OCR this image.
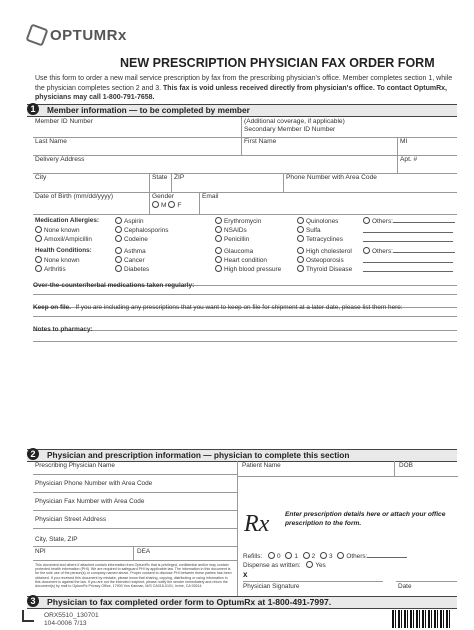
OPTUMRx
NEW PRESCRIPTION PHYSICIAN FAX ORDER FORM
Use this form to order a new mail service prescription by fax from the prescribing physician's office. Member completes section 1, while the physician completes section 2 and 3. This fax is void unless received directly from physician's office. To contact OptumRx, physicians may call 1-800-791-7658.
1	Member information — to be completed by member
Member ID Number	(Additional coverage, if applicable)
Secondary Member ID Number
Last Name	First Name	MI
Delivery Address	Apt. #
City	State ZIP	Phone Number with Area Code
Date of Birth (mm/dd/yyyy)	Gender
M F
Email
Medication Allergies:	Aspirin	Erythromycin	Quinolones	Others:
None known	Cephalosporins	NSAIDs	Sulfa
Amoxil/Ampicillin	Codeine	Penicillin	Tetracyclines
Health Conditions:	Asthma	Glaucoma	High cholesterol	Others:
None known	Cancer	Heart condition	Osteoporosis
Arthritis	Diabetes	High blood pressure	Thyroid Disease
Over-the-counter/herbal medications taken regularly:
Keep on file. If you are including any prescriptions that you want to keep on file for shipment at a later date, please list them here:
Notes to pharmacy:
2	Physician and prescription information — physician to complete this section
Prescribing Physician Name
Physician Phone Number with Area Code
Physician Fax Number with Area Code
Physician Street Address
City, State, ZIP
NPI	DEA
Patient Name	DOB
Rx Enter prescription details here or attach your office prescription to the form.
Refills: 0 1 2 3 Others:
Dispense as written: Yes
x
Physician Signature	Date
3	Physician to fax completed order form to OptumRx at 1-800-491-7997.
ORX5510_130701
104-0006 7/13
This document and others if attached contain information from OptumRx that is privileged, confidential and/or may contain protected health information (PHI). We are required to safeguard PHI by applicable law. The information in this document is for the sole use of the person(s) or company named above. Proper consent to disclose PHI between these parties has been obtained. If you received this document by mistake, please know that sharing, copying, distributing or using information in this document is against the law. If you are not the intended recipient, please notify the sender immediately and return the document(s) by mail to OptumRx Privacy Office, 17900 Von Karman, M/S CA016-0101, Irvine, CA 92614.
